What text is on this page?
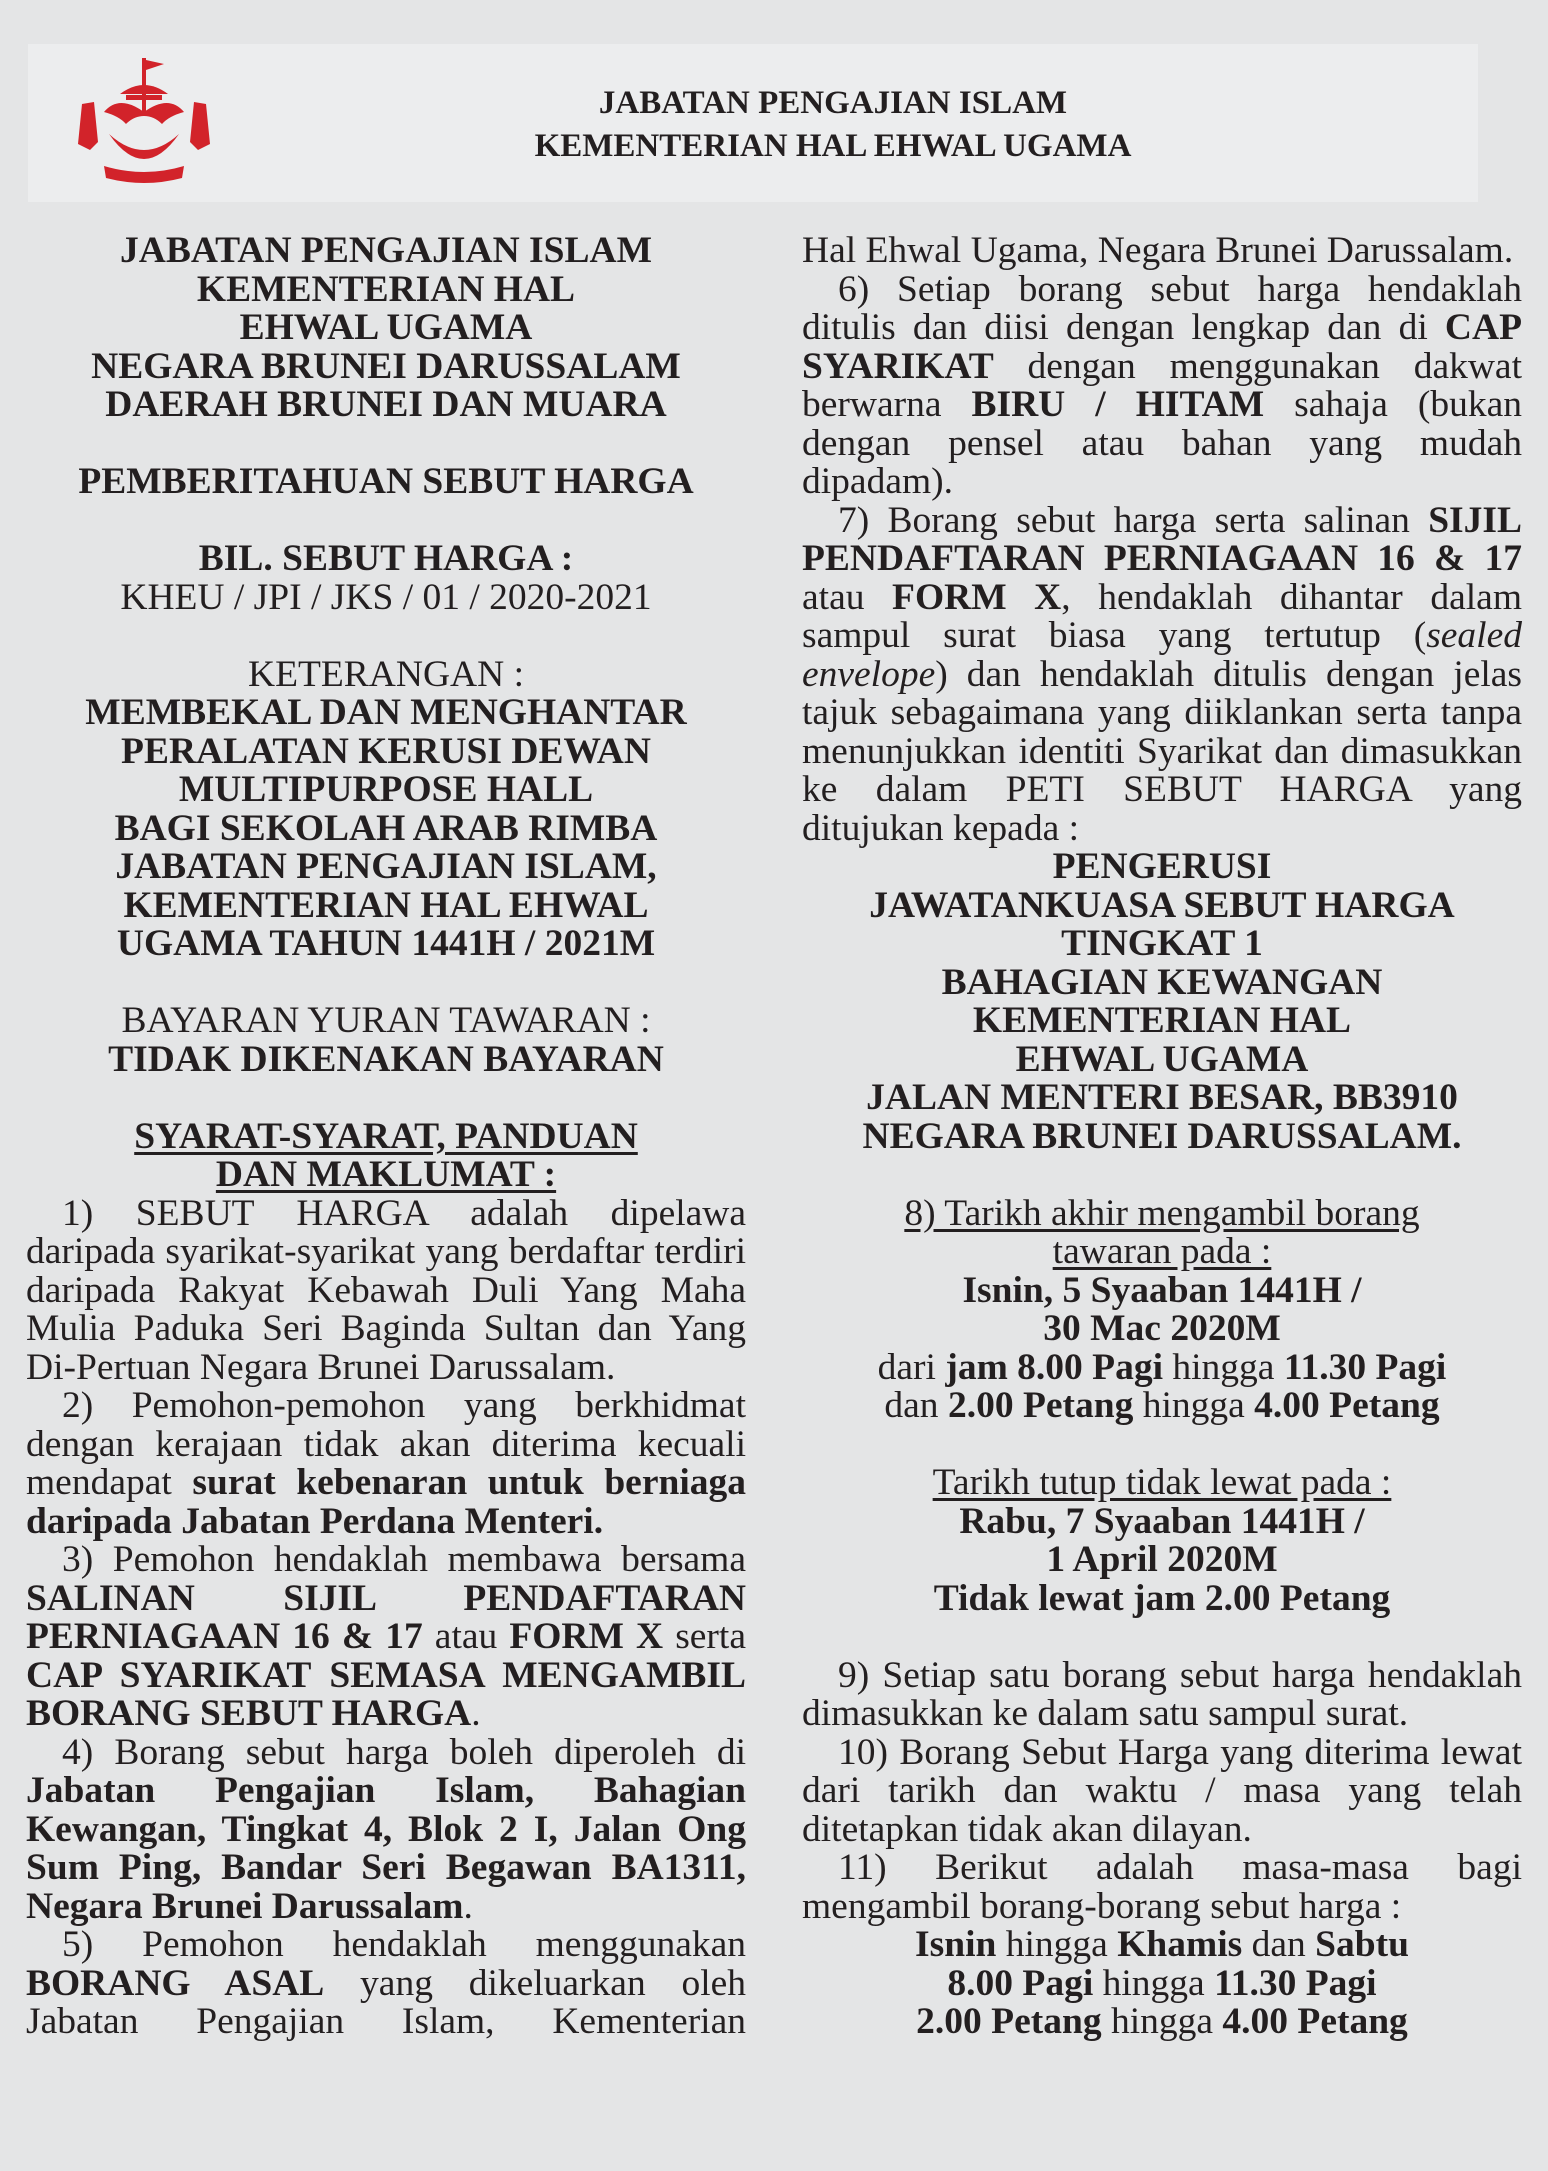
JABATAN PENGAJIAN ISLAM
KEMENTERIAN HAL EHWAL UGAMA
JABATAN PENGAJIAN ISLAM
KEMENTERIAN HAL
EHWAL UGAMA
NEGARA BRUNEI DARUSSALAM
DAERAH BRUNEI DAN MUARA
PEMBERITAHUAN SEBUT HARGA
BIL. SEBUT HARGA :
KHEU / JPI / JKS / 01 / 2020-2021
KETERANGAN :
MEMBEKAL DAN MENGHANTAR
PERALATAN KERUSI DEWAN
MULTIPURPOSE HALL
BAGI SEKOLAH ARAB RIMBA
JABATAN PENGAJIAN ISLAM,
KEMENTERIAN HAL EHWAL
UGAMA TAHUN 1441H / 2021M
BAYARAN YURAN TAWARAN :
TIDAK DIKENAKAN BAYARAN
SYARAT-SYARAT, PANDUAN
DAN MAKLUMAT :

1) SEBUT HARGA adalah dipelawa daripada syarikat-syarikat yang berdaftar terdiri daripada Rakyat Kebawah Duli Yang Maha Mulia Paduka Seri Baginda Sultan dan Yang Di-Pertuan Negara Brunei Darussalam.

2) Pemohon-pemohon yang berkhidmat dengan kerajaan tidak akan diterima kecuali mendapat surat kebenaran untuk berniaga daripada Jabatan Perdana Menteri.

3) Pemohon hendaklah membawa bersama SALINAN SIJIL PENDAFTARAN PERNIAGAAN 16 & 17 atau FORM X serta CAP SYARIKAT SEMASA MENGAMBIL BORANG SEBUT HARGA.

4) Borang sebut harga boleh diperoleh di Jabatan Pengajian Islam, Bahagian Kewangan, Tingkat 4, Blok 2 I, Jalan Ong Sum Ping, Bandar Seri Begawan BA1311, Negara Brunei Darussalam.

5) Pemohon hendaklah menggunakan BORANG ASAL yang dikeluarkan oleh Jabatan Pengajian Islam, Kementerian

Hal Ehwal Ugama, Negara Brunei Darussalam.

6) Setiap borang sebut harga hendaklah ditulis dan diisi dengan lengkap dan di CAP SYARIKAT dengan menggunakan dakwat berwarna BIRU / HITAM sahaja (bukan dengan pensel atau bahan yang mudah dipadam).

7) Borang sebut harga serta salinan SIJIL PENDAFTARAN PERNIAGAAN 16 & 17 atau FORM X, hendaklah dihantar dalam sampul surat biasa yang tertutup (sealed envelope) dan hendaklah ditulis dengan jelas tajuk sebagaimana yang diiklankan serta tanpa menunjukkan identiti Syarikat dan dimasukkan ke dalam PETI SEBUT HARGA yang ditujukan kepada :

PENGERUSI
JAWATANKUASA SEBUT HARGA
TINGKAT 1
BAHAGIAN KEWANGAN
KEMENTERIAN HAL
EHWAL UGAMA
JALAN MENTERI BESAR, BB3910
NEGARA BRUNEI DARUSSALAM.
8) Tarikh akhir mengambil borang
tawaran pada :
Isnin, 5 Syaaban 1441H /
30 Mac 2020M
dari jam 8.00 Pagi hingga 11.30 Pagi
dan 2.00 Petang hingga 4.00 Petang
Tarikh tutup tidak lewat pada :
Rabu, 7 Syaaban 1441H /
1 April 2020M
Tidak lewat jam 2.00 Petang

9) Setiap satu borang sebut harga hendaklah dimasukkan ke dalam satu sampul surat.

10) Borang Sebut Harga yang diterima lewat dari tarikh dan waktu / masa yang telah ditetapkan tidak akan dilayan.

11) Berikut adalah masa-masa bagi mengambil borang-borang sebut harga :

Isnin hingga Khamis dan Sabtu
8.00 Pagi hingga 11.30 Pagi
2.00 Petang hingga 4.00 Petang
